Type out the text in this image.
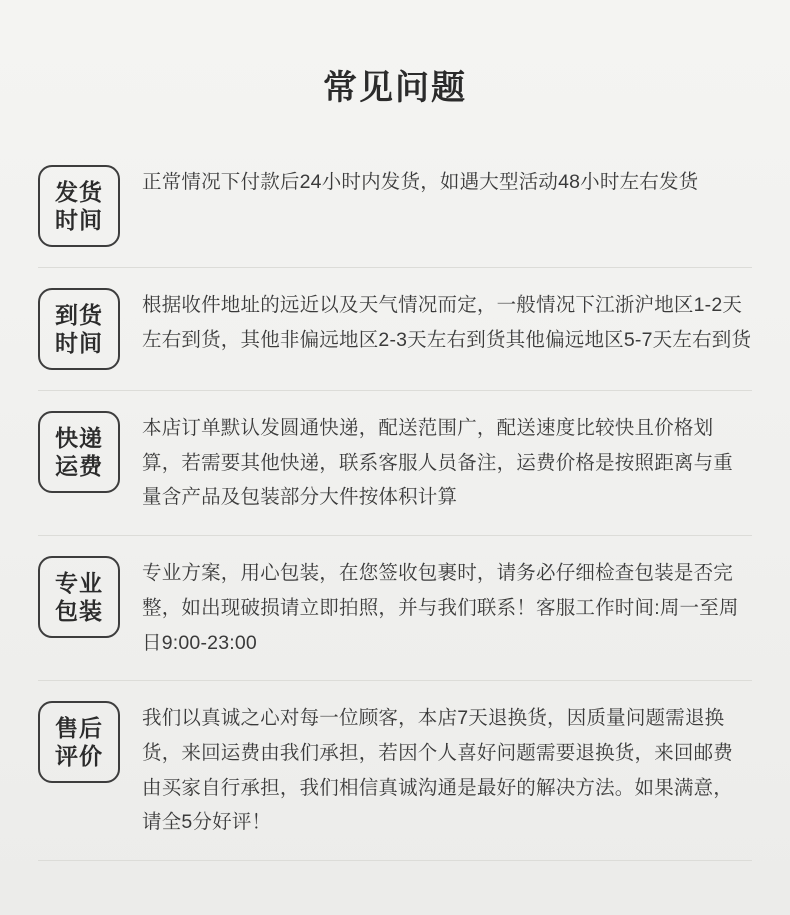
常见问题
发货
时间

正常情况下付款后24小时内发货，如遇大型活动48小时左右发货

到货
时间

根据收件地址的远近以及天气情况而定，一般情况下江浙沪地区1-2天左右到货，其他非偏远地区2-3天左右到货其他偏远地区5-7天左右到货

快递
运费

本店订单默认发圆通快递，配送范围广，配送速度比较快且价格划算，若需要其他快递，联系客服人员备注，运费价格是按照距离与重量含产品及包装部分大件按体积计算

专业
包装

专业方案，用心包装，在您签收包裹时，请务必仔细检查包装是否完整，如出现破损请立即拍照，并与我们联系！客服工作时间:周一至周日9:00-23:00

售后
评价

我们以真诚之心对每一位顾客，本店7天退换货，因质量问题需退换货，来回运费由我们承担，若因个人喜好问题需要退换货，来回邮费由买家自行承担，我们相信真诚沟通是最好的解决方法。如果满意，请全5分好评！
